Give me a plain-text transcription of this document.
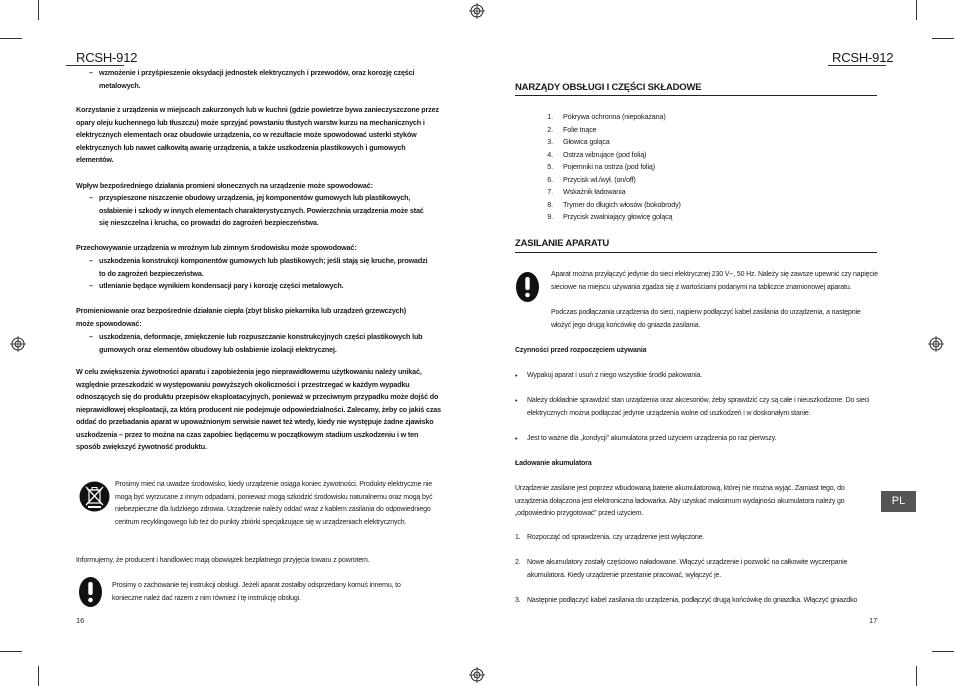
RCSH-912
– wzmożenie i przyśpieszenie oksydacji jednostek elektrycznych i przewodów, oraz korozję części metalowych.
Korzystanie z urządzenia w miejscach zakurzonych lub w kuchni (gdzie powietrze bywa zanieczyszczone przez opary oleju kuchennego lub tłuszczu) może sprzyjać powstaniu tłustych warstw kurzu na mechanicznych i elektrycznych elementach oraz obudowie urządzenia, co w rezultacie może spowodować usterki styków elektrycznych lub nawet całkowitą awarię urządzenia, a także uszkodzenia plastikowych i gumowych elementów.
Wpływ bezpośredniego działania promieni słonecznych na urządzenie może spowodować:
– przyspieszone niszczenie obudowy urządzenia, jej komponentów gumowych lub plastikowych, osłabienie i szkody w innych elementach charakterystycznych. Powierzchnia urządzenia może stać się nieszczelna i krucha, co prowadzi do zagrożeń bezpieczeństwa.
Przechowywanie urządzenia w mroźnym lub zimnym środowisku może spowodować:
– uszkodzenia konstrukcji komponentów gumowych lub plastikowych; jeśli stają się kruche, prowadzi to do zagrożeń bezpieczeństwa.
– utlenianie będące wynikiem kondensacji pary i korozję części metalowych.
Promieniowanie oraz bezpośrednie działanie ciepła (zbyt blisko piekarnika lub urządzeń grzewczych) może spowodować:
– uszkodzenia, deformacje, zmiękczenie lub rozpuszczanie konstrukcyjnych części plastikowych lub gumowych oraz elementów obudowy lub osłabienie izolacji elektrycznej.
W celu zwiększenia żywotności aparatu i zapobieżenia jego nieprawidłowemu użytkowaniu należy unikać, względnie przeszkodzić w występowaniu powyższych okoliczności i przestrzegać w każdym wypadku odnoszących się do produktu przepisów eksploatacyjnych, ponieważ w przeciwnym przypadku może dojść do nieprawidłowej eksploatacji, za którą producent nie podejmuje odpowiedzialności. Zalecamy, żeby co jakiś czas oddać do przebadania aparat w upoważnionym serwisie nawet też wtedy, kiedy nie występuje żadne zjawisko uszkodzenia – przez to można na czas zapobiec będącemu w początkowym stadium uszkodzeniu i w ten sposób zwiększyć żywotność produktu.
Prosimy mieć na uwadze środowisko, kiedy urządzenie osiąga koniec żywotności. Produkty elektryczne nie mogą być wyrzucane z innym odpadami, ponieważ mogą szkodzić środowisku naturalnemu oraz mogą być niebezpieczne dla ludzkiego zdrowia. Urządzenie należy oddać wraz z kablem zasilania do odpowiedniego centrum recyklingowego lub też do punkty zbiórki specjalizujące się w urządzeniach elektrycznych.
Informujemy, że producent i handlowiec mają obowiązek bezpłatnego przyjęcia towaru z powrotem.
Prosimy o zachowanie tej instrukcji obsługi. Jeżeli aparat zostałby odsprzedany komuś innemu, to konieczne należ dać razem z nim również i tę instrukcję obsługi.
16
RCSH-912
NARZĄDY OBSŁUGI I CZĘŚCI SKŁADOWE
1. Pokrywa ochronna (niepokazana)
2. Folie tnące
3. Głowica goląca
4. Ostrza wibrujące (pod folią)
5. Pojemniki na ostrza (pod folią)
6. Przycisk wł./wył. (on/off)
7. Wskaźnik ładowania
8. Trymer do długich włosów (bokobrody)
9. Przycisk zwalniający głowicę golącą
ZASILANIE APARATU
Aparat można przyłączyć jedynie do sieci elektrycznej 230 V~, 50 Hz. Należy się zawsze upewnić czy napięcie sieciowe na miejscu używania zgadza się z wartościami podanymi na tabliczce znamionowej aparatu.
Podczas podłączania urządzenia do sieci, najpierw podłączyć kabel zasilania do urządzenia, a następnie włożyć jego drugą końcówkę do gniazda zasilania.
Czynności przed rozpoczęciem używania
• Wypakuj aparat i usuń z niego wszystkie środki pakowania.
• Należy dokładnie sprawdzić stan urządzenia oraz akcesoriów, żeby sprawdzić czy są całe i nieuszkodzone. Do sieci elektrycznych można podłączać jedynie urządzenia wolne od uszkodzeń i w doskonałym stanie.
• Jest to ważne dla „kondycji” akumulatora przed użyciem urządzenia po raz pierwszy.
Ładowanie akumulatora
Urządzenie zasilane jest poprzez wbudowaną baterie akumulatorową, której nie można wyjąć. Zamiast tego, do urządzenia dołączona jest elektroniczna ładowarka. Aby uzyskać maksimum wydajności akumulatora należy go „odpowiednio przygotować” przed użyciem.
1. Rozpocząć od sprawdzenia, czy urządzenie jest wyłączone.
2. Nowe akumulatory zostały częściowo naładowane. Włączyć urządzenie i pozwolić na całkowite wyczerpanie akumulatora. Kiedy urządzenie przestanie pracować, wyłączyć je.
3. Następnie podłączyć kabel zasilania do urządzenia, podłączyć drugą końcówkę do gniazdka. Włączyć gniazdko
PL
17
